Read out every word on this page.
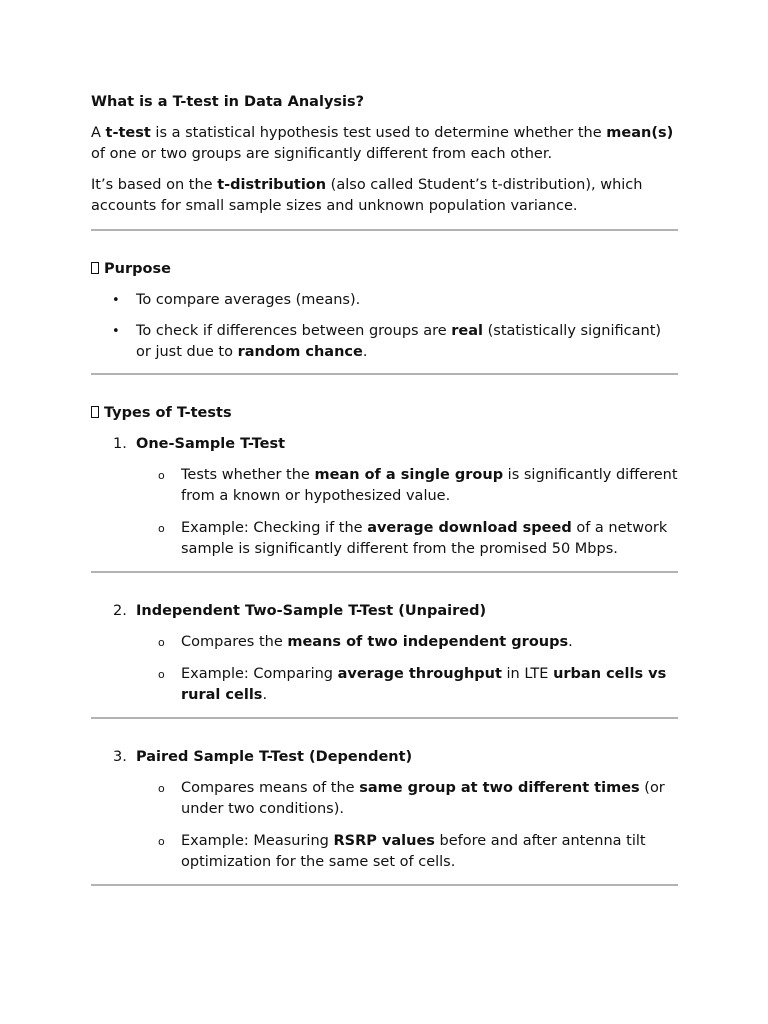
What is a T-test in Data Analysis?

A t-test is a statistical hypothesis test used to determine whether the mean(s) of one or two groups are significantly different from each other.

It’s based on the t-distribution (also called Student’s t-distribution), which accounts for small sample sizes and unknown population variance.

Purpose
• To compare averages (means).
• To check if differences between groups are real (statistically significant) or just due to random chance.
Types of T-tests
1. One-Sample T-Test
o Tests whether the mean of a single group is significantly different from a known or hypothesized value.
o Example: Checking if the average download speed of a network sample is significantly different from the promised 50 Mbps.
2. Independent Two-Sample T-Test (Unpaired)
o Compares the means of two independent groups.
o Example: Comparing average throughput in LTE urban cells vs rural cells.
3. Paired Sample T-Test (Dependent)
o Compares means of the same group at two different times (or under two conditions).
o Example: Measuring RSRP values before and after antenna tilt optimization for the same set of cells.
